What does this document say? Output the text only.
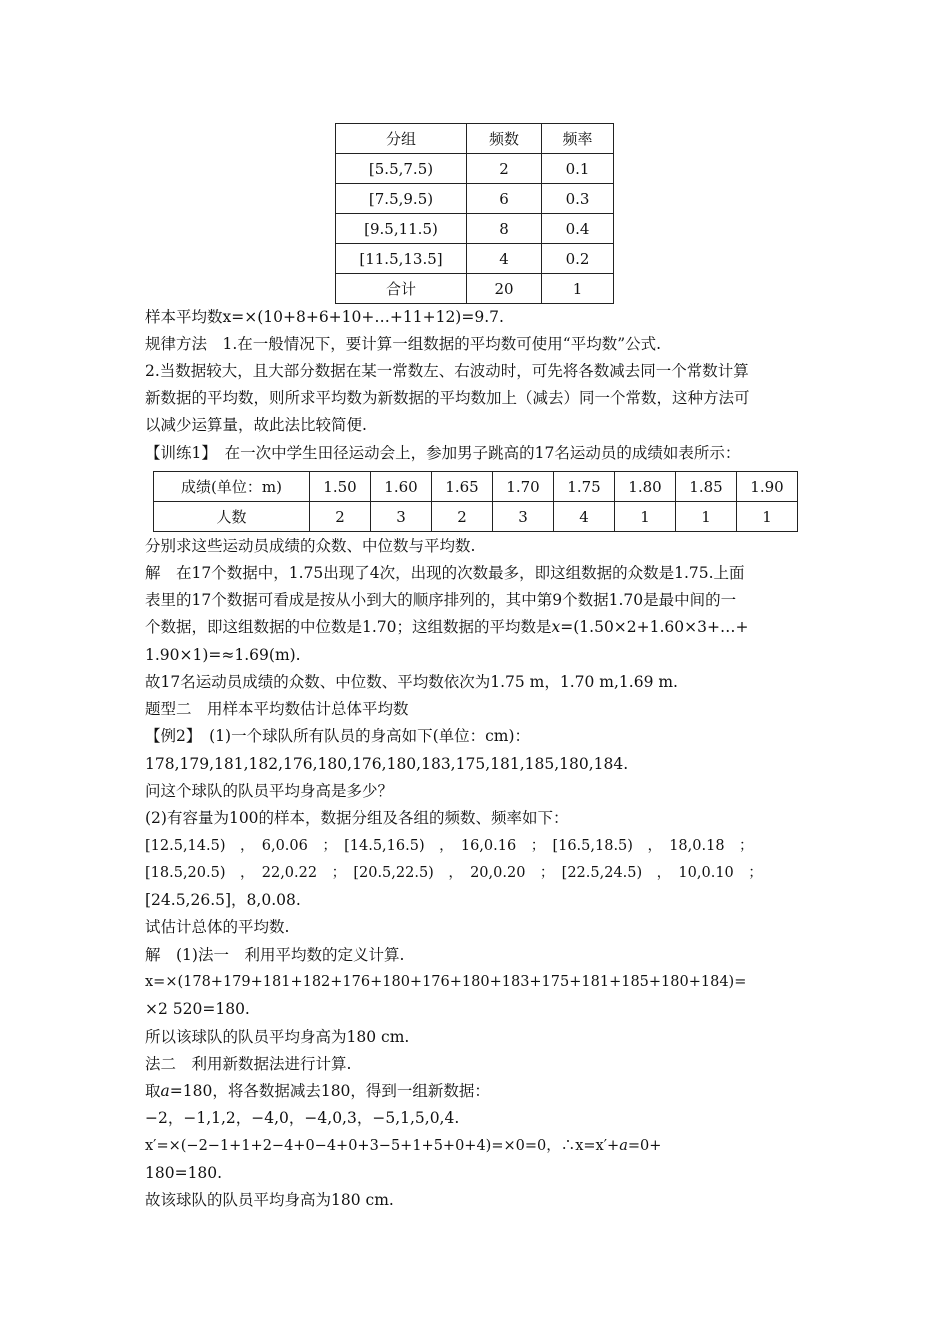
分组	频数	频率
[5.5,7.5)	2	0.1
[7.5,9.5)	6	0.3
[9.5,11.5)	8	0.4
[11.5,13.5]	4	0.2
合计	20	1
样本平均数x=×(10+8+6+10+…+11+12)=9.7.
规律方法　1.在一般情况下，要计算一组数据的平均数可使用“平均数”公式.
2.当数据较大，且大部分数据在某一常数左、右波动时，可先将各数减去同一个常数计算
新数据的平均数，则所求平均数为新数据的平均数加上（减去）同一个常数，这种方法可
以减少运算量，故此法比较简便.
【训练1】　在一次中学生田径运动会上，参加男子跳高的17名运动员的成绩如表所示：
成绩(单位：m)	1.50	1.60	1.65	1.70	1.75	1.80	1.85	1.90
人数	2	3	2	3	4	1	1	1
分别求这些运动员成绩的众数、中位数与平均数.
解　在17个数据中，1.75出现了4次，出现的次数最多，即这组数据的众数是1.75.上面
表里的17个数据可看成是按从小到大的顺序排列的，其中第9个数据1.70是最中间的一
个数据，即这组数据的中位数是1.70；这组数据的平均数是x=(1.50×2+1.60×3+…+
1.90×1)=≈1.69(m).
故17名运动员成绩的众数、中位数、平均数依次为1.75 m，1.70 m,1.69 m.
题型二　用样本平均数估计总体平均数
【例2】　(1)一个球队所有队员的身高如下(单位：cm)：
178,179,181,182,176,180,176,180,183,175,181,185,180,184.
问这个球队的队员平均身高是多少？
(2)有容量为100的样本，数据分组及各组的频数、频率如下：
[12.5,14.5)　，　6,0.06　；　[14.5,16.5)　，　16,0.16　；　[16.5,18.5)　，　18,0.18　；
[18.5,20.5)　，　22,0.22　；　[20.5,22.5)　，　20,0.20　；　[22.5,24.5)　，　10,0.10　；
[24.5,26.5]，8,0.08.
试估计总体的平均数.
解　(1)法一　利用平均数的定义计算.
x=×(178+179+181+182+176+180+176+180+183+175+181+185+180+184)=
×2 520=180.
所以该球队的队员平均身高为180 cm.
法二　利用新数据法进行计算.
取a=180，将各数据减去180，得到一组新数据：
−2，−1,1,2，−4,0，−4,0,3，−5,1,5,0,4.
x′=×(−2−1+1+2−4+0−4+0+3−5+1+5+0+4)=×0=0，∴x=x′+a=0+
180=180.
故该球队的队员平均身高为180 cm.
